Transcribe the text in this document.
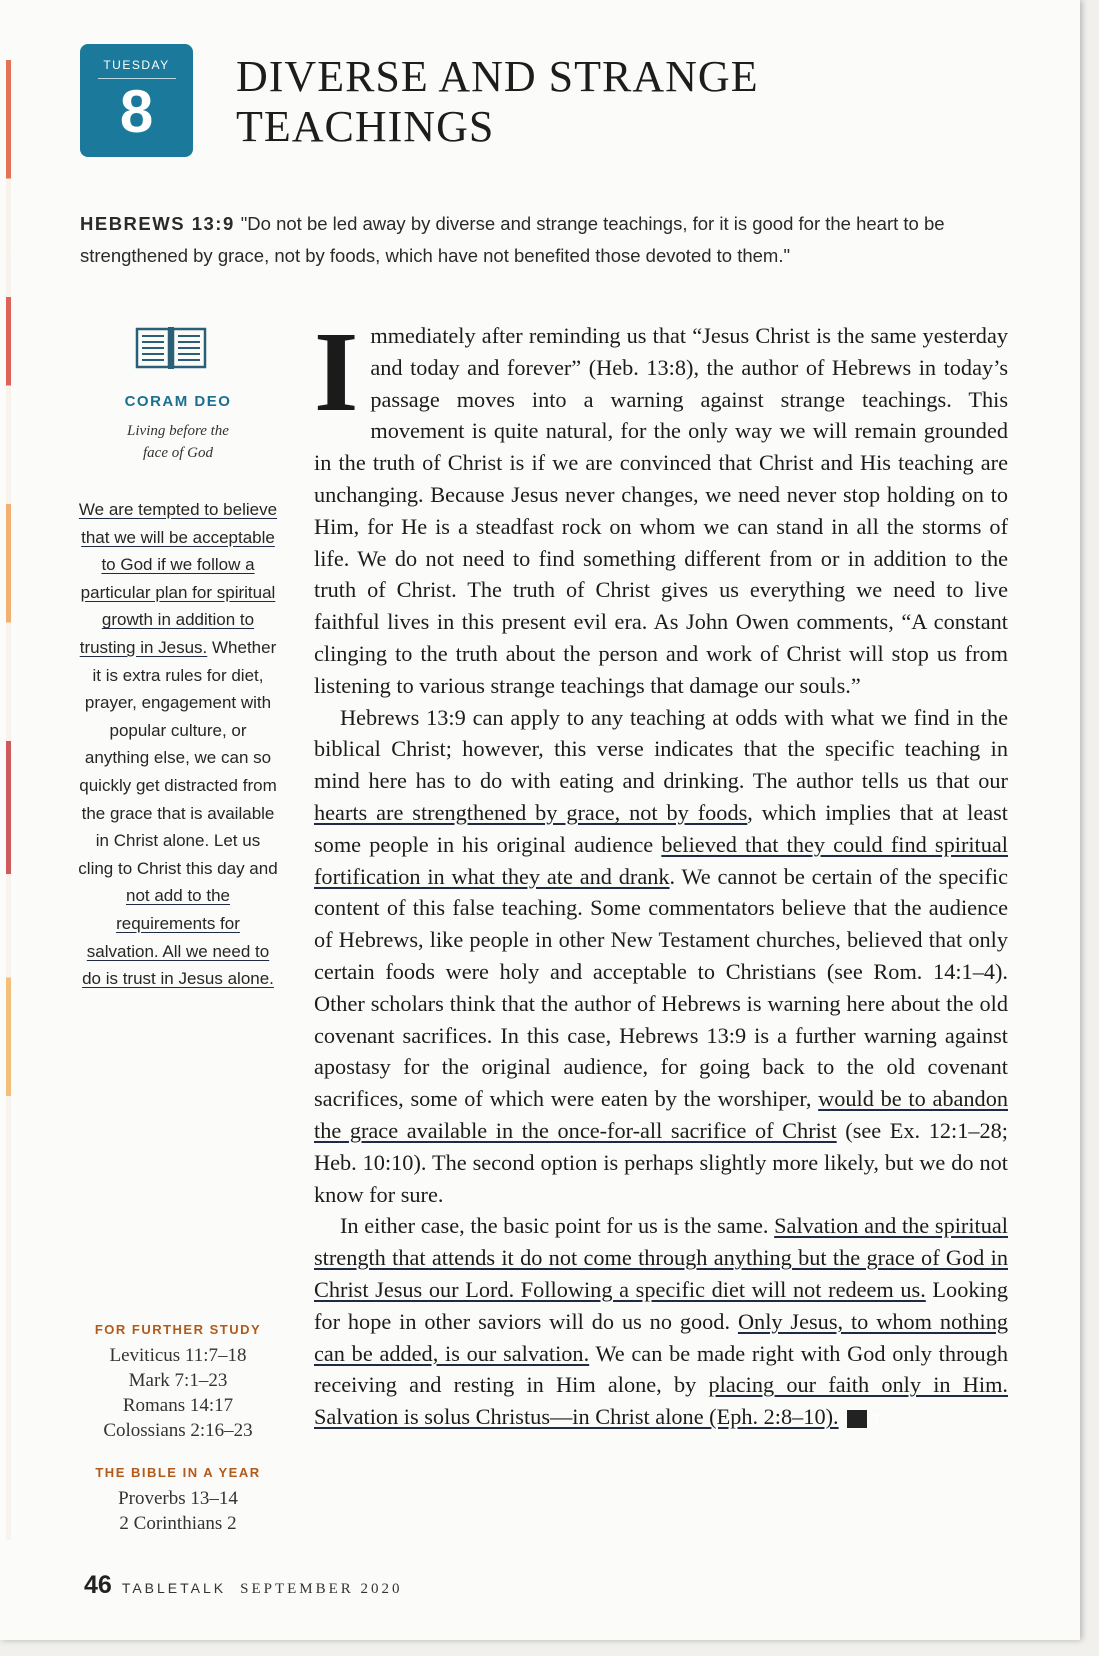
TUESDAY
8
DIVERSE AND STRANGE
TEACHINGS
HEBREWS 13:9 "Do not be led away by diverse and strange teachings, for it is good for the heart to be strengthened by grace, not by foods, which have not benefited those devoted to them."
CORAM DEO
Living before the
face of God
We are tempted to believe that we will be acceptable to God if we follow a particular plan for spiritual growth in addition to trusting in Jesus. Whether it is extra rules for diet, prayer, engagement with popular culture, or anything else, we can so quickly get distracted from the grace that is available in Christ alone. Let us cling to Christ this day and not add to the requirements for salvation. All we need to do is trust in Jesus alone.
FOR FURTHER STUDY
Leviticus 11:7–18
Mark 7:1–23
Romans 14:17
Colossians 2:16–23
THE BIBLE IN A YEAR
Proverbs 13–14
2 Corinthians 2

Immediately after reminding us that “Jesus Christ is the same yesterday and today and forever” (Heb. 13:8), the author of Hebrews in today’s passage moves into a warning against strange teachings. This movement is quite natural, for the only way we will remain grounded in the truth of Christ is if we are convinced that Christ and His teaching are unchanging. Because Jesus never changes, we need never stop holding on to Him, for He is a steadfast rock on whom we can stand in all the storms of life. We do not need to find something different from or in addition to the truth of Christ. The truth of Christ gives us everything we need to live faithful lives in this present evil era. As John Owen comments, “A constant clinging to the truth about the person and work of Christ will stop us from listening to various strange teachings that damage our souls.”

Hebrews 13:9 can apply to any teaching at odds with what we find in the biblical Christ; however, this verse indicates that the specific teaching in mind here has to do with eating and drinking. The author tells us that our hearts are strengthened by grace, not by foods, which implies that at least some people in his original audience believed that they could find spiritual fortification in what they ate and drank. We cannot be certain of the specific content of this false teaching. Some commentators believe that the audience of Hebrews, like people in other New Testament churches, believed that only certain foods were holy and acceptable to Christians (see Rom. 14:1–4). Other scholars think that the author of Hebrews is warning here about the old covenant sacrifices. In this case, Hebrews 13:9 is a further warning against apostasy for the original audience, for going back to the old covenant sacrifices, some of which were eaten by the worshiper, would be to abandon the grace available in the once-for-all sacrifice of Christ (see Ex. 12:1–28; Heb. 10:10). The second option is perhaps slightly more likely, but we do not know for sure.

In either case, the basic point for us is the same. Salvation and the spiritual strength that attends it do not come through anything but the grace of God in Christ Jesus our Lord. Following a specific diet will not redeem us. Looking for hope in other saviors will do us no good. Only Jesus, to whom nothing can be added, is our salvation. We can be made right with God only through receiving and resting in Him alone, by placing our faith only in Him. Salvation is solus Christus—in Christ alone (Eph. 2:8–10).	T

46 TABLETALK SEPTEMBER 2020
